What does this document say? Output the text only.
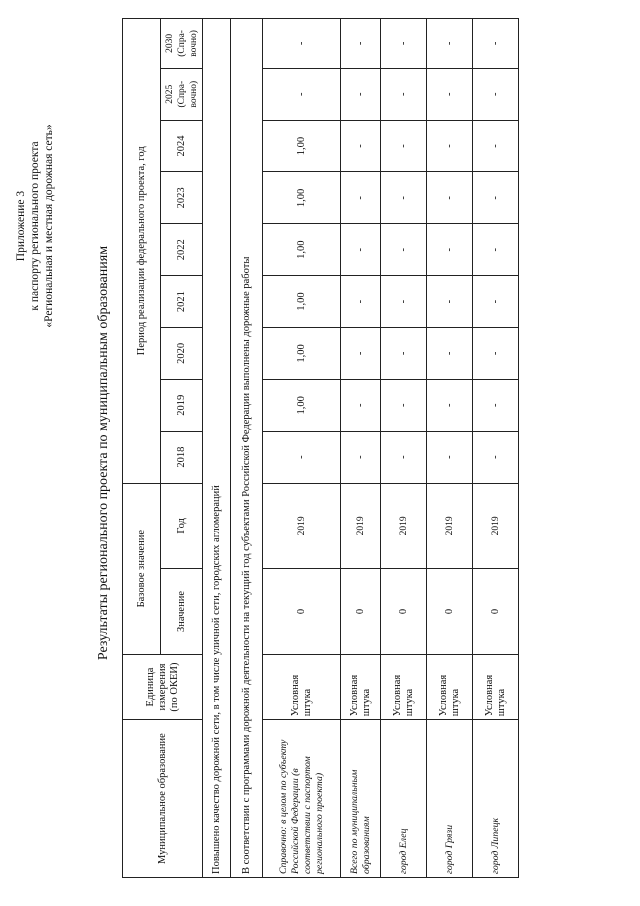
Приложение 3 к паспорту регионального проекта «Региональная и местная дорожная сеть»
Результаты регионального проекта по муниципальным образованиям
Муниципальное образование	Единица измерения (по ОКЕИ)	Базовое значение		Период реализации федерального проекта, год								
		Значение	Год	2018	2019	2020	2021	2022	2023	2024	2025 (Спра-вочно)	2030 (Спра-вочно)
Повышено качество дорожной сети, в том числе уличной сети, городских агломераций												
В соответствии с программами дорожной деятельности на текущий год субъектами Российской Федерации выполнены дорожные работы												
Справочно: в целом по субъекту Российской Федерации (в соответствии с паспортом регионального проекта)	Условная штука	0	2019	-	1,00	1,00	1,00	1,00	1,00	1,00	-	-
Всего по муниципальным образованиям	Условная штука	0	2019	-	-	-	-	-	-	-	-	-
город Елец	Условная штука	0	2019	-	-	-	-	-	-	-	-	-
город Грязи	Условная штука	0	2019	-	-	-	-	-	-	-	-	-
город Липецк	Условная штука	0	2019	-	-	-	-	-	-	-	-	-
